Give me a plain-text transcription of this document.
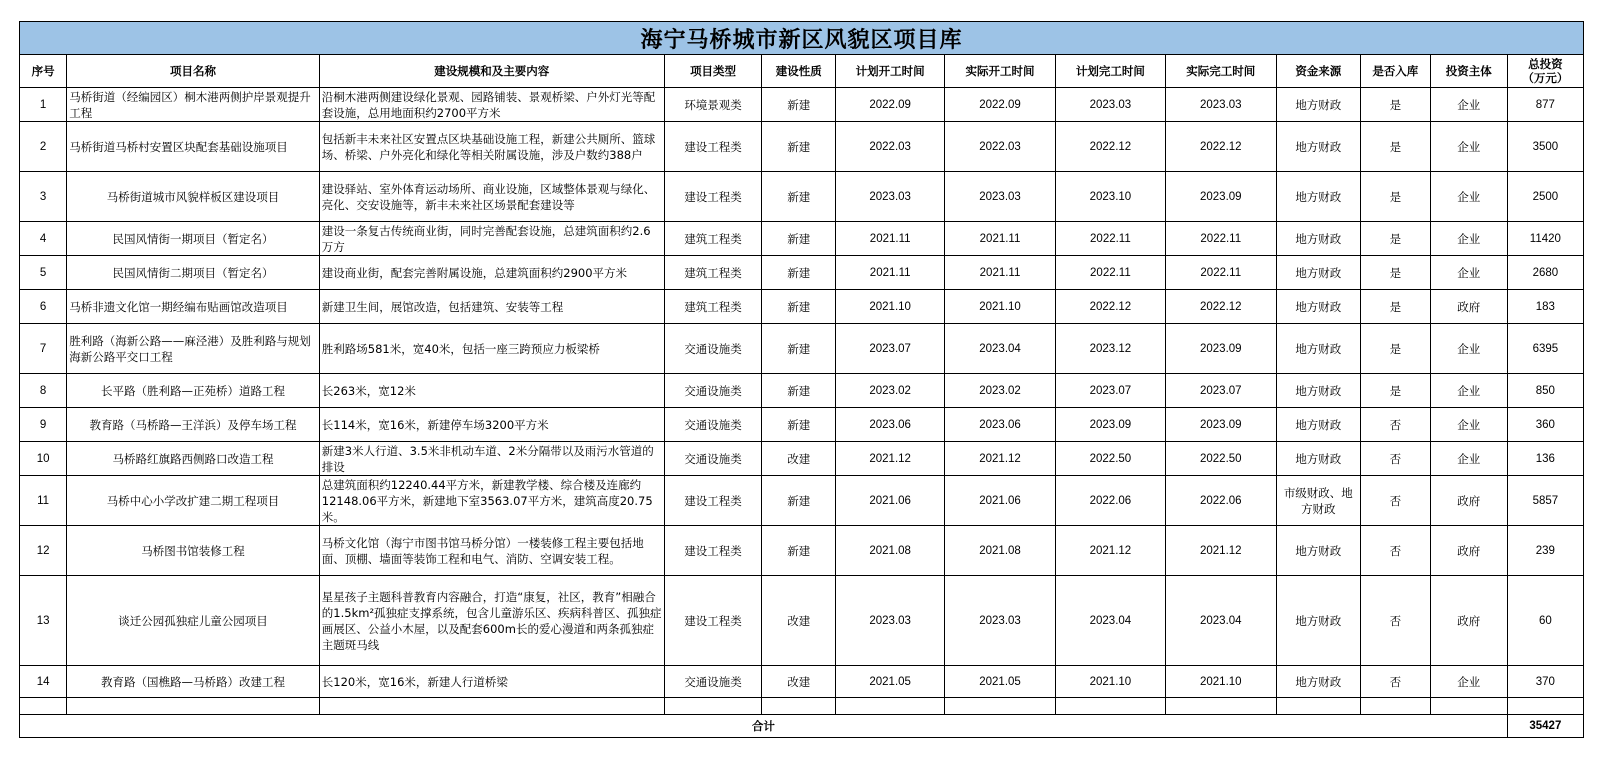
海宁马桥城市新区风貌区项目库												
序号	项目名称	建设规模和及主要内容	项目类型	建设性质	计划开工时间	实际开工时间	计划完工时间	实际完工时间	资金来源	是否入库	投资主体	总投资
（万元）

1	马桥街道（经编园区）桐木港两侧护岸景观提升工程	沿桐木港两侧建设绿化景观、园路铺装、景观桥梁、户外灯光等配套设施，总用地面积约2700平方米	环境景观类	新建	2022.09	2022.09	2023.03	2023.03	地方财政	是	企业	877
2	马桥街道马桥村安置区块配套基础设施项目	包括新丰未来社区安置点区块基础设施工程，新建公共厕所、篮球场、桥梁、户外亮化和绿化等相关附属设施，涉及户数约388户	建设工程类	新建	2022.03	2022.03	2022.12	2022.12	地方财政	是	企业	3500
3	马桥街道城市风貌样板区建设项目	建设驿站、室外体育运动场所、商业设施，区域整体景观与绿化、亮化、交安设施等，新丰未来社区场景配套建设等	建设工程类	新建	2023.03	2023.03	2023.10	2023.09	地方财政	是	企业	2500
4	民国风情街一期项目（暂定名）	建设一条复古传统商业街，同时完善配套设施，总建筑面积约2.6万方	建筑工程类	新建	2021.11	2021.11	2022.11	2022.11	地方财政	是	企业	11420
5	民国风情街二期项目（暂定名）	建设商业街，配套完善附属设施，总建筑面积约2900平方米	建筑工程类	新建	2021.11	2021.11	2022.11	2022.11	地方财政	是	企业	2680
6	马桥非遗文化馆一期经编布贴画馆改造项目	新建卫生间，展馆改造，包括建筑、安装等工程	建筑工程类	新建	2021.10	2021.10	2022.12	2022.12	地方财政	是	政府	183
7	胜利路（海新公路——麻泾港）及胜利路与规划海新公路平交口工程	胜利路场581米，宽40米，包括一座三跨预应力板梁桥	交通设施类	新建	2023.07	2023.04	2023.12	2023.09	地方财政	是	企业	6395
8	长平路（胜利路—正苑桥）道路工程	长263米，宽12米	交通设施类	新建	2023.02	2023.02	2023.07	2023.07	地方财政	是	企业	850
9	教育路（马桥路—王洋浜）及停车场工程	长114米，宽16米，新建停车场3200平方米	交通设施类	新建	2023.06	2023.06	2023.09	2023.09	地方财政	否	企业	360
10	马桥路红旗路西侧路口改造工程	新建3米人行道、3.5米非机动车道、2米分隔带以及雨污水管道的排设	交通设施类	改建	2021.12	2021.12	2022.50	2022.50	地方财政	否	企业	136
11	马桥中心小学改扩建二期工程项目	总建筑面积约12240.44平方米，新建教学楼、综合楼及连廊约12148.06平方米，新建地下室3563.07平方米，建筑高度20.75米。	建设工程类	新建	2021.06	2021.06	2022.06	2022.06	市级财政、地方财政	否	政府	5857
12	马桥图书馆装修工程	马桥文化馆（海宁市图书馆马桥分馆）一楼装修工程主要包括地面、顶棚、墙面等装饰工程和电气、消防、空调安装工程。	建设工程类	新建	2021.08	2021.08	2021.12	2021.12	地方财政	否	政府	239
13	谈迁公园孤独症儿童公园项目	星星孩子主题科普教育内容融合，打造“康复，社区，教育”相融合的1.5km²孤独症支撑系统，包含儿童游乐区、疾病科普区、孤独症画展区、公益小木屋，以及配套600m长的爱心漫道和两条孤独症主题斑马线	建设工程类	改建	2023.03	2023.03	2023.04	2023.04	地方财政	否	政府	60
14	教育路（国樵路—马桥路）改建工程	长120米，宽16米，新建人行道桥梁	交通设施类	改建	2021.05	2021.05	2021.10	2021.10	地方财政	否	企业	370

合计												35427
